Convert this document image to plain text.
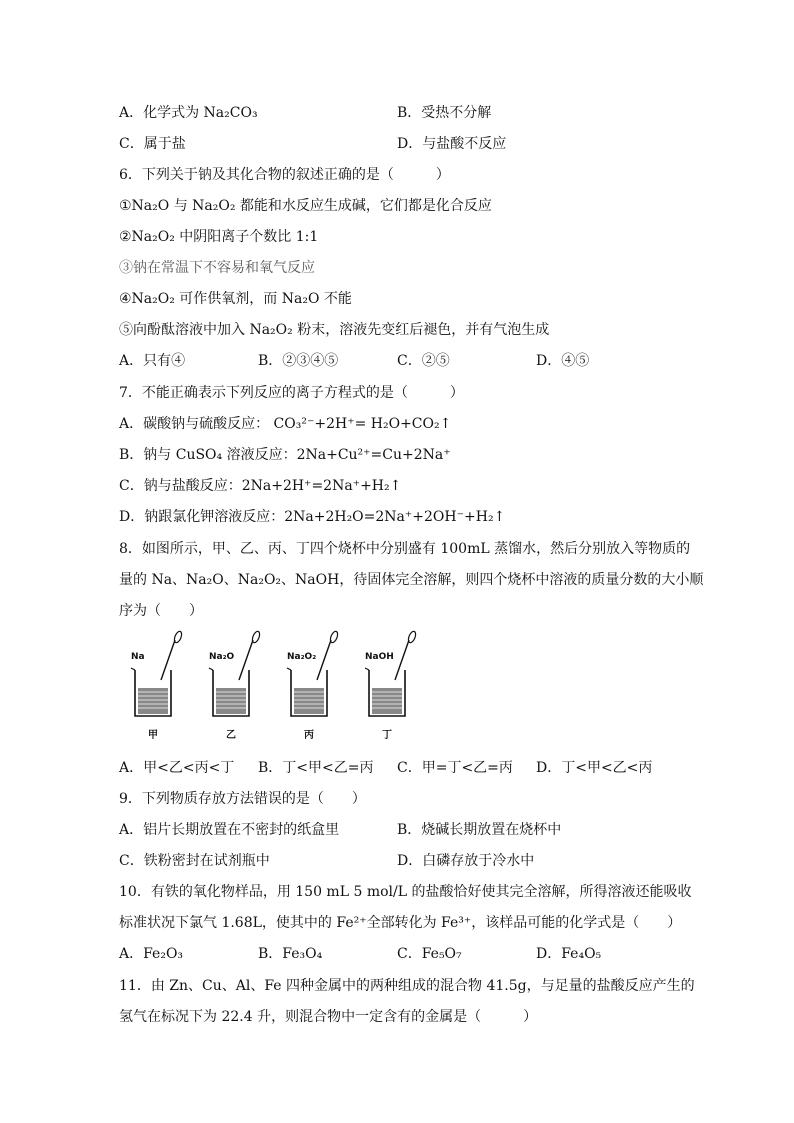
A．化学式为 Na₂CO₃	B．受热不分解
C．属于盐	D．与盐酸不反应
6．下列关于钠及其化合物的叙述正确的是（　　　）
①Na₂O 与 Na₂O₂ 都能和水反应生成碱，它们都是化合反应
②Na₂O₂ 中阴阳离子个数比 1:1
③钠在常温下不容易和氧气反应
④Na₂O₂ 可作供氧剂，而 Na₂O 不能
⑤向酚酞溶液中加入 Na₂O₂ 粉末，溶液先变红后褪色，并有气泡生成
A．只有④	B．②③④⑤	C．②⑤	D．④⑤
7．不能正确表示下列反应的离子方程式的是（　　　）
A．碳酸钠与硫酸反应： CO₃²⁻+2H⁺= H₂O+CO₂↑
B．钠与 CuSO₄ 溶液反应：2Na+Cu²⁺=Cu+2Na⁺
C．钠与盐酸反应：2Na+2H⁺=2Na⁺+H₂↑
D．钠跟氯化钾溶液反应：2Na+2H₂O=2Na⁺+2OH⁻+H₂↑
8．如图所示，甲、乙、丙、丁四个烧杯中分别盛有 100mL 蒸馏水，然后分别放入等物质的
量的 Na、Na₂O、Na₂O₂、NaOH，待固体完全溶解，则四个烧杯中溶液的质量分数的大小顺
序为（　　）
Na
甲
Na₂O
乙
Na₂O₂
丙
NaOH
丁
A．甲<乙<丙<丁 B．丁<甲<乙=丙 C．甲=丁<乙=丙 D．丁<甲<乙<丙
9．下列物质存放方法错误的是（　　）
A．铝片长期放置在不密封的纸盒里	B．烧碱长期放置在烧杯中
C．铁粉密封在试剂瓶中	D．白磷存放于冷水中
10．有铁的氧化物样品，用 150 mL 5 mol/L 的盐酸恰好使其完全溶解，所得溶液还能吸收
标准状况下氯气 1.68L，使其中的 Fe²⁺全部转化为 Fe³⁺，该样品可能的化学式是（　　）
A．Fe₂O₃	B．Fe₃O₄	C．Fe₅O₇	D．Fe₄O₅
11．由 Zn、Cu、Al、Fe 四种金属中的两种组成的混合物 41.5g，与足量的盐酸反应产生的
氢气在标况下为 22.4 升，则混合物中一定含有的金属是（　　　）
